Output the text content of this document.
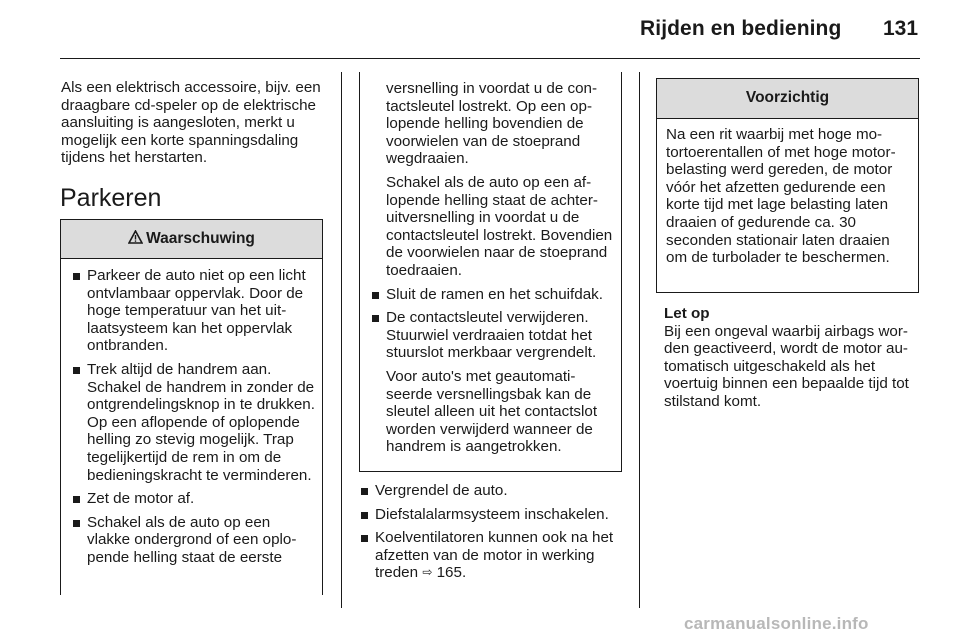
Rijden en bediening 131

Als een elektrisch accessoire, bijv. een draagbare cd-speler op de elektrische aansluiting is aangesloten, merkt u mogelijk een korte spanningsdaling tijdens het herstarten.

Parkeren
Waarschuwing
Parkeer de auto niet op een licht ontvlambaar oppervlak. Door de hoge temperatuur van het uitlaatsysteem kan het oppervlak ontbranden.
Trek altijd de handrem aan. Schakel de handrem in zonder de ontgrendelingsknop in te drukken. Op een aflopende of oplopende helling zo stevig mogelijk. Trap tegelijkertijd de rem in om de bedieningskracht te verminderen.
Zet de motor af.
Schakel als de auto op een vlakke ondergrond of een oplopende helling staat de eerste
versnelling in voordat u de contactsleutel lostrekt. Op een oplopende helling bovendien de voorwielen van de stoeprand wegdraaien.
Schakel als de auto op een aflopende helling staat de achteruitversnelling in voordat u de contactsleutel lostrekt. Bovendien de voorwielen naar de stoeprand toedraaien.
Sluit de ramen en het schuifdak.
De contactsleutel verwijderen. Stuurwiel verdraaien totdat het stuurslot merkbaar vergrendelt.
Voor auto's met geautomatiseerde versnellingsbak kan de sleutel alleen uit het contactslot worden verwijderd wanneer de handrem is aangetrokken.
Vergrendel de auto.
Diefstalalarmsysteem inschakelen.
Koelventilatoren kunnen ook na het afzetten van de motor in werking treden ⇨ 165.
Voorzichtig
Na een rit waarbij met hoge motortoerentallen of met hoge motorbelasting werd gereden, de motor vóór het afzetten gedurende een korte tijd met lage belasting laten draaien of gedurende ca. 30 seconden stationair laten draaien om de turbolader te beschermen.
Let op
Bij een ongeval waarbij airbags worden geactiveerd, wordt de motor automatisch uitgeschakeld als het voertuig binnen een bepaalde tijd tot stilstand komt.
carmanualsonline.info
